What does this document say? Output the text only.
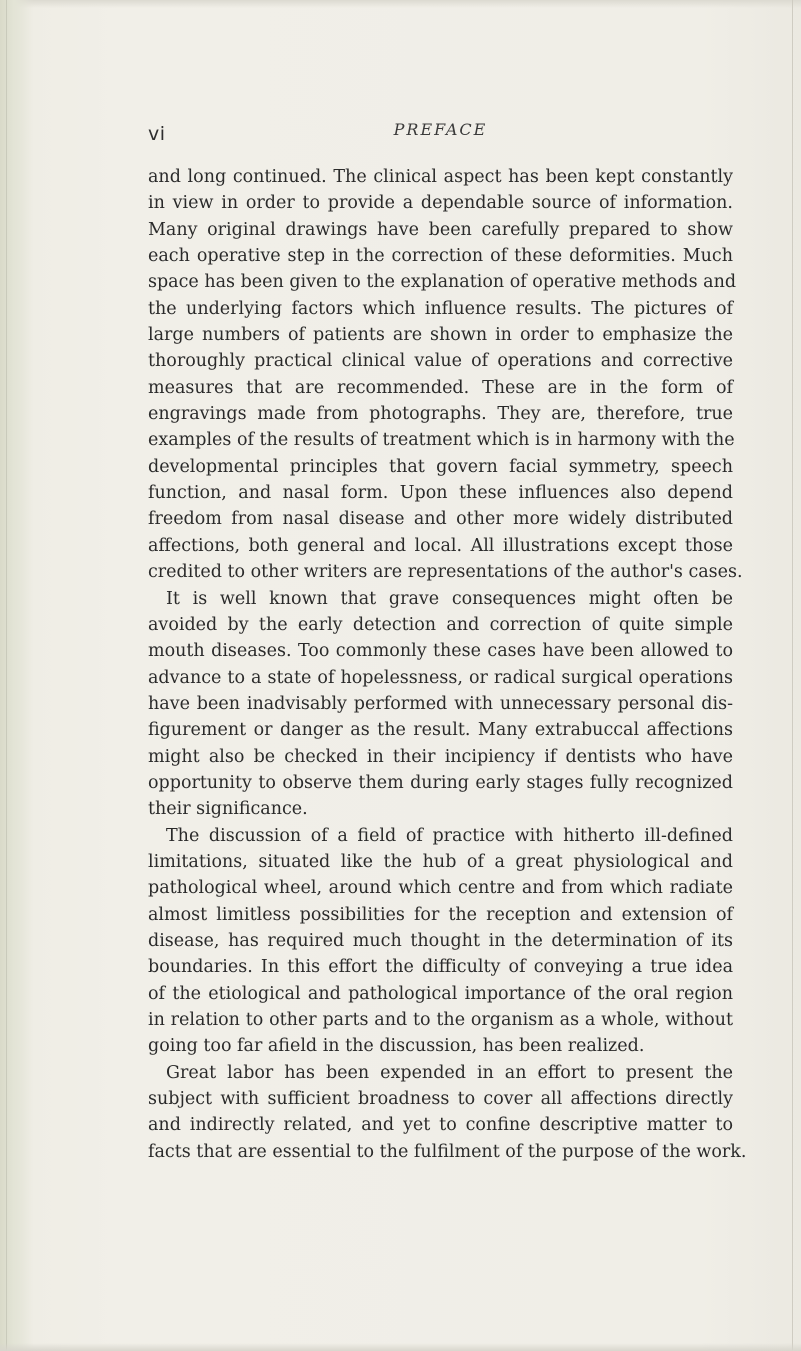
vi	PREFACE
and long continued. The clinical aspect has been kept constantly
in view in order to provide a dependable source of information.
Many original drawings have been carefully prepared to show
each operative step in the correction of these deformities. Much
space has been given to the explanation of operative methods and
the underlying factors which influence results. The pictures of
large numbers of patients are shown in order to emphasize the
thoroughly practical clinical value of operations and corrective
measures that are recommended. These are in the form of
engravings made from photographs. They are, therefore, true
examples of the results of treatment which is in harmony with the
developmental principles that govern facial symmetry, speech
function, and nasal form. Upon these influences also depend
freedom from nasal disease and other more widely distributed
affections, both general and local. All illustrations except those
credited to other writers are representations of the author's cases.
It is well known that grave consequences might often be
avoided by the early detection and correction of quite simple
mouth diseases. Too commonly these cases have been allowed to
advance to a state of hopelessness, or radical surgical operations
have been inadvisably performed with unnecessary personal dis-
figurement or danger as the result. Many extrabuccal affections
might also be checked in their incipiency if dentists who have
opportunity to observe them during early stages fully recognized
their significance.
The discussion of a field of practice with hitherto ill-defined
limitations, situated like the hub of a great physiological and
pathological wheel, around which centre and from which radiate
almost limitless possibilities for the reception and extension of
disease, has required much thought in the determination of its
boundaries. In this effort the difficulty of conveying a true idea
of the etiological and pathological importance of the oral region
in relation to other parts and to the organism as a whole, without
going too far afield in the discussion, has been realized.
Great labor has been expended in an effort to present the
subject with sufficient broadness to cover all affections directly
and indirectly related, and yet to confine descriptive matter to
facts that are essential to the fulfilment of the purpose of the work.
